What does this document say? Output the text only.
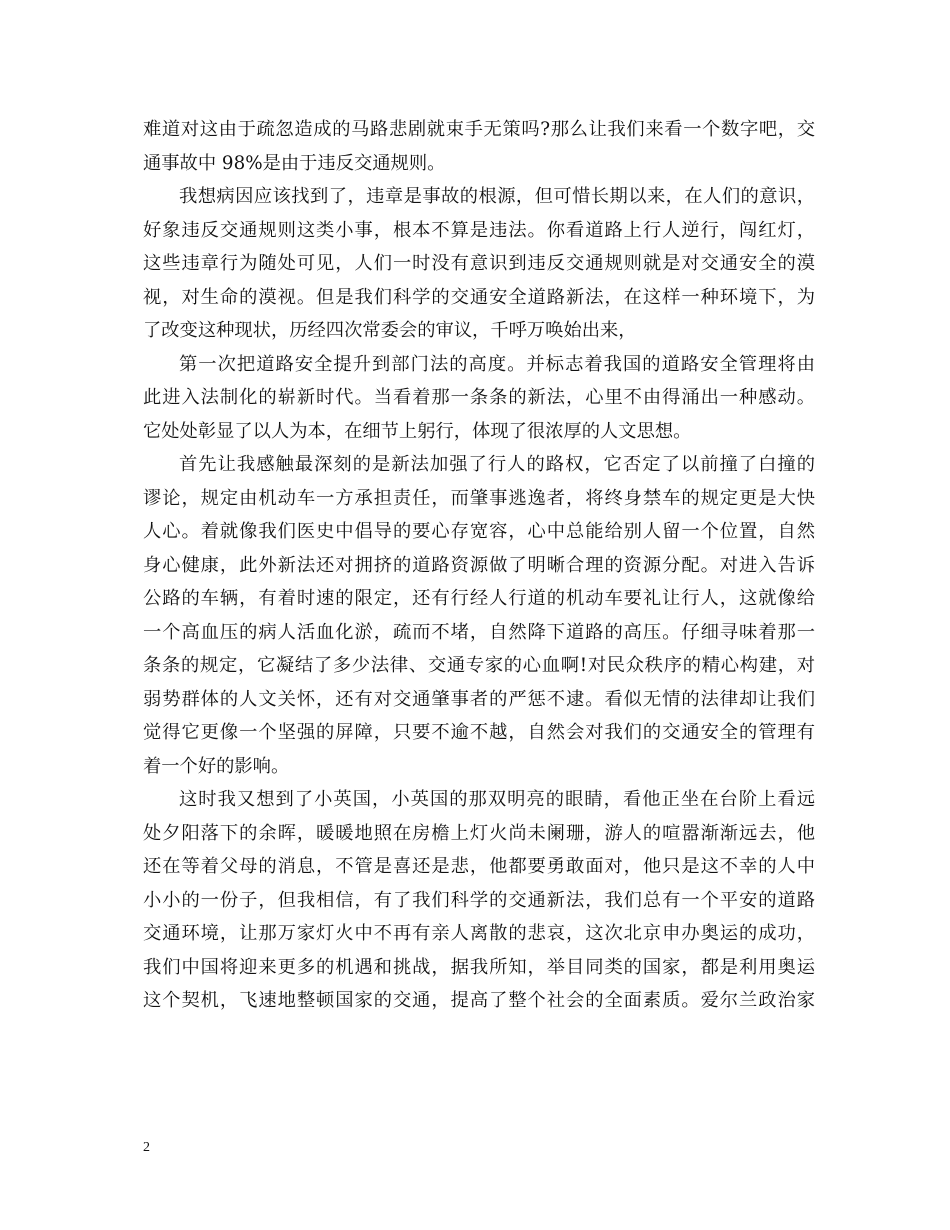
难道对这由于疏忽造成的马路悲剧就束手无策吗?那么让我们来看一个数字吧，交
通事故中 98%是由于违反交通规则。
我想病因应该找到了，违章是事故的根源，但可惜长期以来，在人们的意识，
好象违反交通规则这类小事，根本不算是违法。你看道路上行人逆行，闯红灯，
这些违章行为随处可见，人们一时没有意识到违反交通规则就是对交通安全的漠
视，对生命的漠视。但是我们科学的交通安全道路新法，在这样一种环境下，为
了改变这种现状，历经四次常委会的审议，千呼万唤始出来，
第一次把道路安全提升到部门法的高度。并标志着我国的道路安全管理将由
此进入法制化的崭新时代。当看着那一条条的新法，心里不由得涌出一种感动。
它处处彰显了以人为本，在细节上躬行，体现了很浓厚的人文思想。
首先让我感触最深刻的是新法加强了行人的路权，它否定了以前撞了白撞的
谬论，规定由机动车一方承担责任，而肇事逃逸者，将终身禁车的规定更是大快
人心。着就像我们医史中倡导的要心存宽容，心中总能给别人留一个位置，自然
身心健康，此外新法还对拥挤的道路资源做了明晰合理的资源分配。对进入告诉
公路的车辆，有着时速的限定，还有行经人行道的机动车要礼让行人，这就像给
一个高血压的病人活血化淤，疏而不堵，自然降下道路的高压。仔细寻味着那一
条条的规定，它凝结了多少法律、交通专家的心血啊!对民众秩序的精心构建，对
弱势群体的人文关怀，还有对交通肇事者的严惩不逮。看似无情的法律却让我们
觉得它更像一个坚强的屏障，只要不逾不越，自然会对我们的交通安全的管理有
着一个好的影响。
这时我又想到了小英国，小英国的那双明亮的眼睛，看他正坐在台阶上看远
处夕阳落下的余晖，暖暖地照在房檐上灯火尚未阑珊，游人的喧嚣渐渐远去，他
还在等着父母的消息，不管是喜还是悲，他都要勇敢面对，他只是这不幸的人中
小小的一份子，但我相信，有了我们科学的交通新法，我们总有一个平安的道路
交通环境，让那万家灯火中不再有亲人离散的悲哀，这次北京申办奥运的成功，
我们中国将迎来更多的机遇和挑战，据我所知，举目同类的国家，都是利用奥运
这个契机，飞速地整顿国家的交通，提高了整个社会的全面素质。爱尔兰政治家
2
